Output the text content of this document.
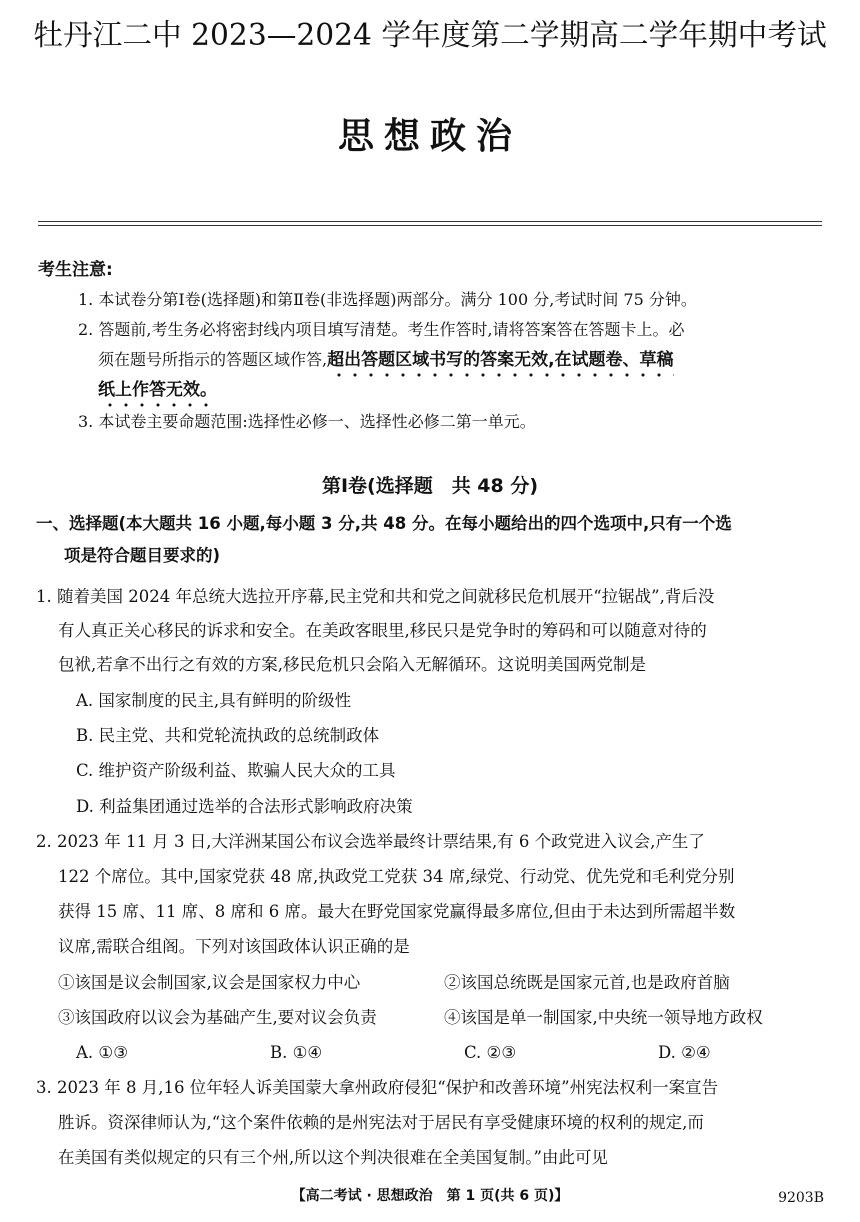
牡丹江二中 2023—2024 学年度第二学期高二学年期中考试
思想政治
考生注意:
1. 本试卷分第Ⅰ卷(选择题)和第Ⅱ卷(非选择题)两部分。满分 100 分,考试时间 75 分钟。
2. 答题前,考生务必将密封线内项目填写清楚。考生作答时,请将答案答在答题卡上。必
须在题号所指示的答题区域作答,超出答题区域书写的答案无效,在试题卷、草稿
纸上作答无效。
3. 本试卷主要命题范围:选择性必修一、选择性必修二第一单元。
第Ⅰ卷(选择题　共 48 分)
一、选择题(本大题共 16 小题,每小题 3 分,共 48 分。在每小题给出的四个选项中,只有一个选
项是符合题目要求的)
1. 随着美国 2024 年总统大选拉开序幕,民主党和共和党之间就移民危机展开“拉锯战”,背后没
有人真正关心移民的诉求和安全。在美政客眼里,移民只是党争时的筹码和可以随意对待的
包袱,若拿不出行之有效的方案,移民危机只会陷入无解循环。这说明美国两党制是
A. 国家制度的民主,具有鲜明的阶级性
B. 民主党、共和党轮流执政的总统制政体
C. 维护资产阶级利益、欺骗人民大众的工具
D. 利益集团通过选举的合法形式影响政府决策
2. 2023 年 11 月 3 日,大洋洲某国公布议会选举最终计票结果,有 6 个政党进入议会,产生了
122 个席位。其中,国家党获 48 席,执政党工党获 34 席,绿党、行动党、优先党和毛利党分别
获得 15 席、11 席、8 席和 6 席。最大在野党国家党赢得最多席位,但由于未达到所需超半数
议席,需联合组阁。下列对该国政体认识正确的是
①该国是议会制国家,议会是国家权力中心	②该国总统既是国家元首,也是政府首脑
③该国政府以议会为基础产生,要对议会负责	④该国是单一制国家,中央统一领导地方政权
A. ①③	B. ①④	C. ②③	D. ②④
3. 2023 年 8 月,16 位年轻人诉美国蒙大拿州政府侵犯“保护和改善环境”州宪法权利一案宣告
胜诉。资深律师认为,“这个案件依赖的是州宪法对于居民有享受健康环境的权利的规定,而
在美国有类似规定的只有三个州,所以这个判决很难在全美国复制。”由此可见
【高二考试 · 思想政治　第 1 页(共 6 页)】	9203B
